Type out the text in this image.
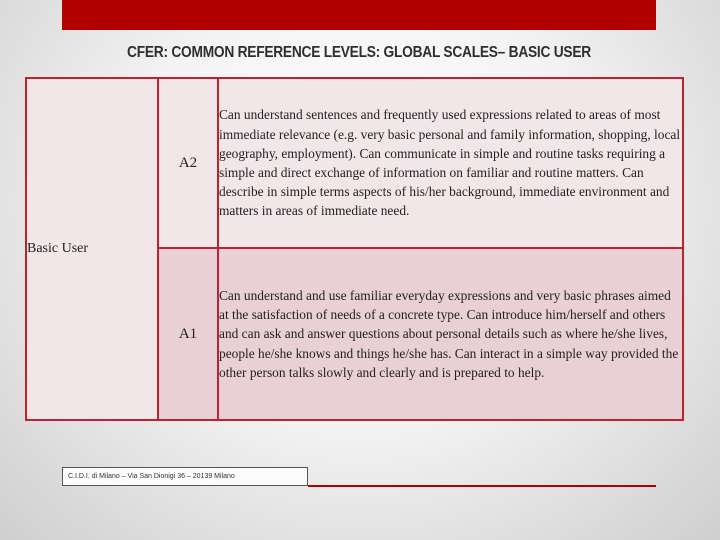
CFER: COMMON REFERENCE LEVELS: GLOBAL SCALES– BASIC USER
Basic User	A2	Can understand sentences and frequently used expressions related to areas of most immediate relevance (e.g. very basic personal and family information, shopping, local geography, employment). Can communicate in simple and routine tasks requiring a simple and direct exchange of information on familiar and routine matters. Can describe in simple terms aspects of his/her background, immediate environment and matters in areas of immediate need.
	A1	Can understand and use familiar everyday expressions and very basic phrases aimed at the satisfaction of needs of a concrete type. Can introduce him/herself and others and can ask and answer questions about personal details such as where he/she lives, people he/she knows and things he/she has. Can interact in a simple way provided the other person talks slowly and clearly and is prepared to help.
C.I.D.I. di Milano – Via San Dionigi 36 – 20139 Milano
